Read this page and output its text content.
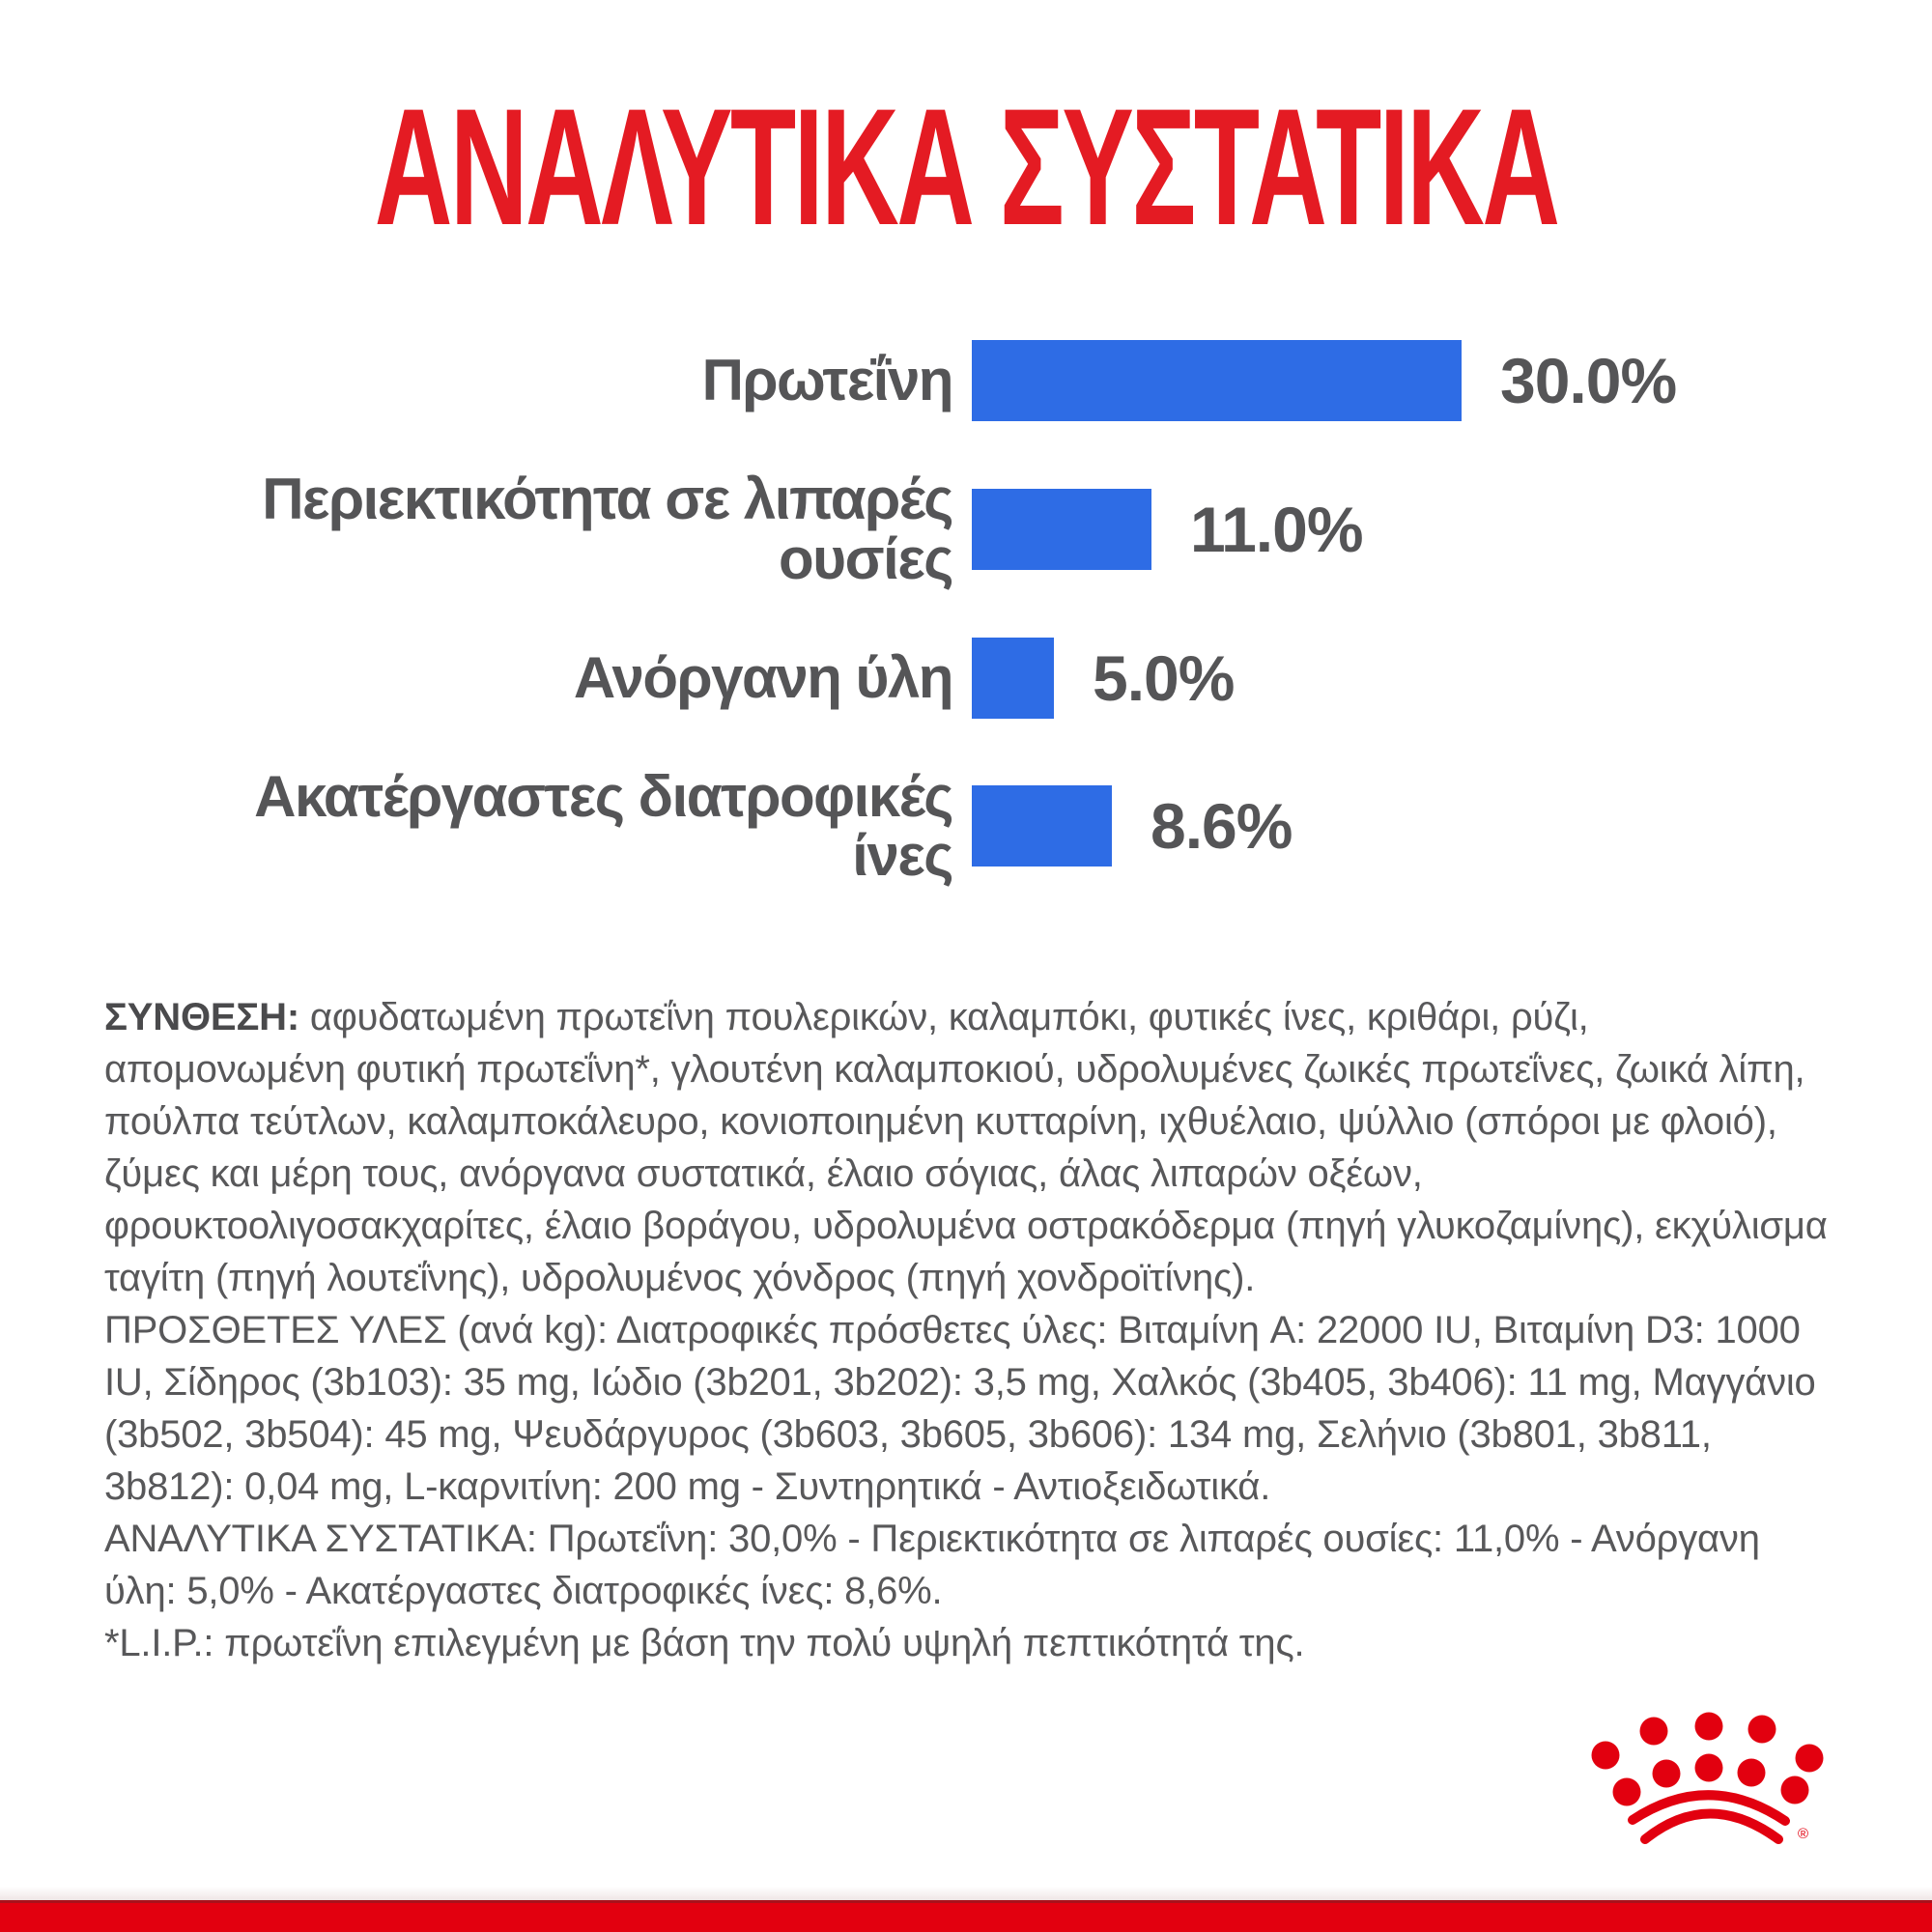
ΑΝΑΛΥΤΙΚΑ ΣΥΣΤΑΤΙΚΑ
Πρωτεΐνη	30.0%
Περιεκτικότητα σε λιπαρές
ουσίες	11.0%
Ανόργανη ύλη 5.0%
Ακατέργαστες διατροφικές
ίνες	8.6%

ΣΥΝΘΕΣΗ: αφυδατωμένη πρωτεΐνη πουλερικών, καλαμπόκι, φυτικές ίνες, κριθάρι, ρύζι, απομονωμένη φυτική πρωτεΐνη*, γλουτένη καλαμποκιού, υδρολυμένες ζωικές πρωτεΐνες, ζωικά λίπη, πούλπα τεύτλων, καλαμποκάλευρο, κονιοποιημένη κυτταρίνη, ιχθυέλαιο, ψύλλιο (σπόροι με φλοιό), ζύμες και μέρη τους, ανόργανα συστατικά, έλαιο σόγιας, άλας λιπαρών οξέων, φρουκτοολιγοσακχαρίτες, έλαιο βοράγου, υδρολυμένα οστρακόδερμα (πηγή γλυκοζαμίνης), εκχύλισμα ταγίτη (πηγή λουτεΐνης), υδρολυμένος χόνδρος (πηγή χονδροϊτίνης).

ΠΡΟΣΘΕΤΕΣ ΥΛΕΣ (ανά kg): Διατροφικές πρόσθετες ύλες: Βιταμίνη A: 22000 IU, Βιταμίνη D3: 1000 IU, Σίδηρος (3b103): 35 mg, Ιώδιο (3b201, 3b202): 3,5 mg, Χαλκός (3b405, 3b406): 11 mg, Μαγγάνιο (3b502, 3b504): 45 mg, Ψευδάργυρος (3b603, 3b605, 3b606): 134 mg, Σελήνιο (3b801, 3b811, 3b812): 0,04 mg, L-καρνιτίνη: 200 mg - Συντηρητικά - Αντιοξειδωτικά.

ΑΝΑΛΥΤΙΚΑ ΣΥΣΤΑΤΙΚΑ: Πρωτεΐνη: 30,0% - Περιεκτικότητα σε λιπαρές ουσίες: 11,0% - Ανόργανη ύλη: 5,0% - Ακατέργαστες διατροφικές ίνες: 8,6%.

*L.I.P.: πρωτεΐνη επιλεγμένη με βάση την πολύ υψηλή πεπτικότητά της.

®
